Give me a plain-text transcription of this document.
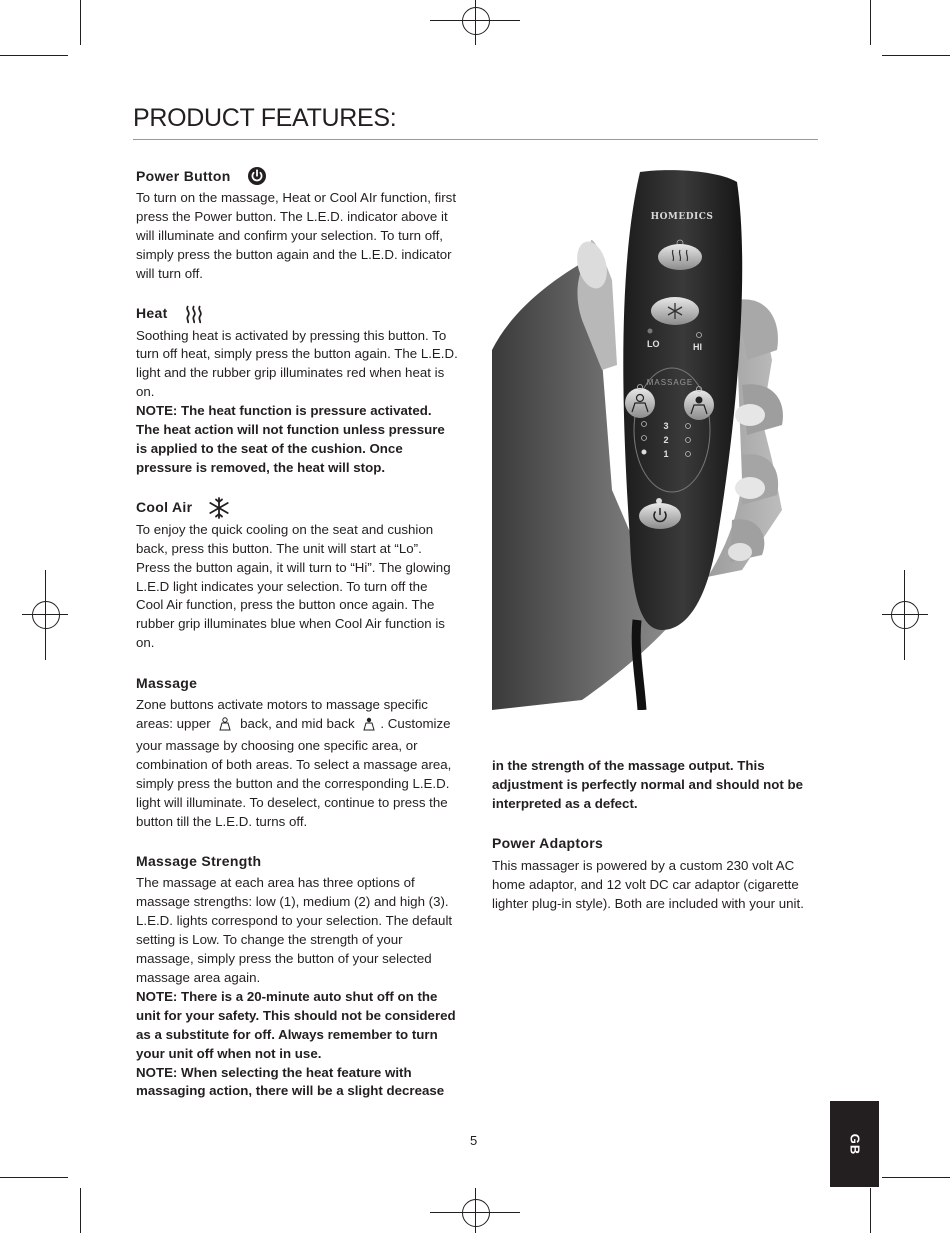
PRODUCT FEATURES:
Power Button

To turn on the massage, Heat or Cool AIr function, first press the Power button. The L.E.D. indicator above it will illuminate and confirm your selection. To turn off, simply press the button again and the L.E.D. indicator will turn off.

Heat

Soothing heat is activated by pressing this button. To turn off heat, simply press the button again. The L.E.D. light and the rubber grip illuminates red when heat is on.

NOTE: The heat function is pressure activated. The heat action will not function unless pressure is applied to the seat of the cushion. Once pressure is removed, the heat will stop.

Cool Air

To enjoy the quick cooling on the seat and cushion back, press this button. The unit will start at “Lo”. Press the button again, it will turn to “Hi”. The glowing L.E.D light indicates your selection. To turn off the Cool Air function, press the button once again. The rubber grip illuminates blue when Cool Air function is on.

Massage

Zone buttons activate motors to massage specific areas: upper back, and mid back . Customize your massage by choosing one specific area, or combination of both areas. To select a massage area, simply press the button and the corresponding L.E.D. light will illuminate. To deselect, continue to press the button till the L.E.D. turns off.

Massage Strength

The massage at each area has three options of massage strengths: low (1), medium (2) and high (3). L.E.D. lights correspond to your selection. The default setting is Low. To change the strength of your massage, simply press the button of your selected massage area again.

NOTE: There is a 20-minute auto shut off on the unit for your safety. This should not be considered as a substitute for off. Always remember to turn your unit off when not in use.

NOTE: When selecting the heat feature with massaging action, there will be a slight decrease

HOMEDICS
LO	HI
MASSAGE
3
2
1

in the strength of the massage output. This adjustment is perfectly normal and should not be interpreted as a defect.

Power Adaptors

This massager is powered by a custom 230 volt AC home adaptor, and 12 volt DC car adaptor (cigarette lighter plug-in style). Both are included with your unit.

5	GB
